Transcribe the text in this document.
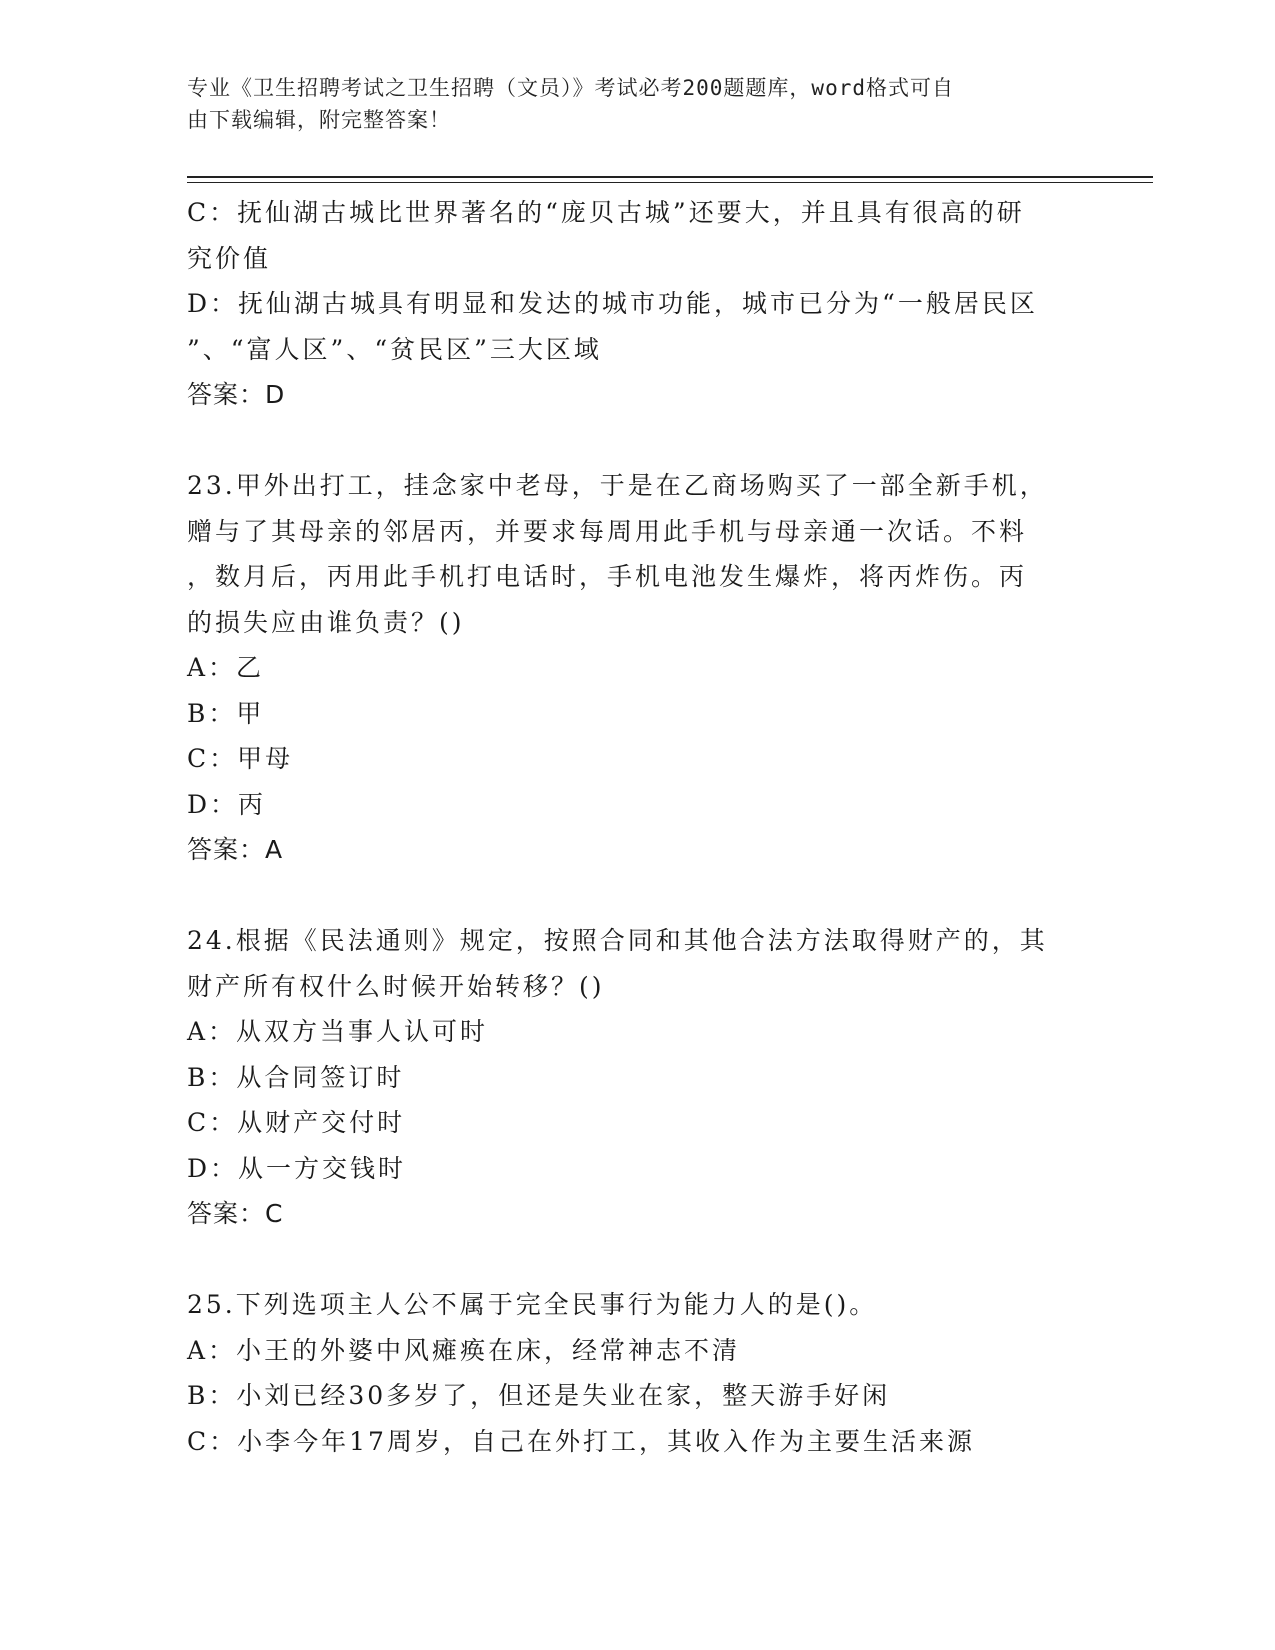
专业《卫生招聘考试之卫生招聘（文员）》考试必考200题题库，word格式可自
由下载编辑，附完整答案！
C：抚仙湖古城比世界著名的“庞贝古城”还要大，并且具有很高的研
究价值
D：抚仙湖古城具有明显和发达的城市功能，城市已分为“一般居民区
”、“富人区”、“贫民区”三大区域
答案：D
23.甲外出打工，挂念家中老母，于是在乙商场购买了一部全新手机，
赠与了其母亲的邻居丙，并要求每周用此手机与母亲通一次话。不料
，数月后，丙用此手机打电话时，手机电池发生爆炸，将丙炸伤。丙
的损失应由谁负责？()
A：乙
B：甲
C：甲母
D：丙
答案：A
24.根据《民法通则》规定，按照合同和其他合法方法取得财产的，其
财产所有权什么时候开始转移？()
A：从双方当事人认可时
B：从合同签订时
C：从财产交付时
D：从一方交钱时
答案：C
25.下列选项主人公不属于完全民事行为能力人的是()。
A：小王的外婆中风瘫痪在床，经常神志不清
B：小刘已经30多岁了，但还是失业在家，整天游手好闲
C：小李今年17周岁，自己在外打工，其收入作为主要生活来源
